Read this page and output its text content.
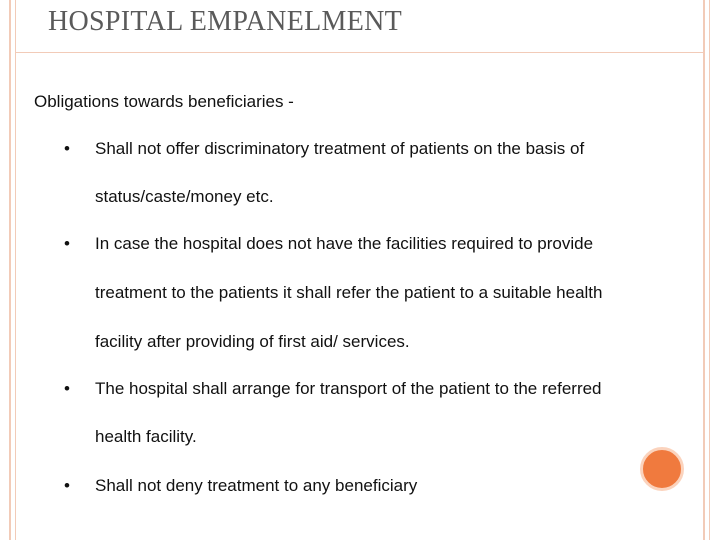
HOSPITAL EMPANELMENT
Obligations towards beneficiaries -
• Shall not offer discriminatory treatment of patients on the basis of
status/caste/money etc.
• In case the hospital does not have the facilities required to provide
treatment to the patients it shall refer the patient to a suitable health
facility after providing of first aid/ services.
• The hospital shall arrange for transport of the patient to the referred
health facility.
• Shall not deny treatment to any beneficiary
